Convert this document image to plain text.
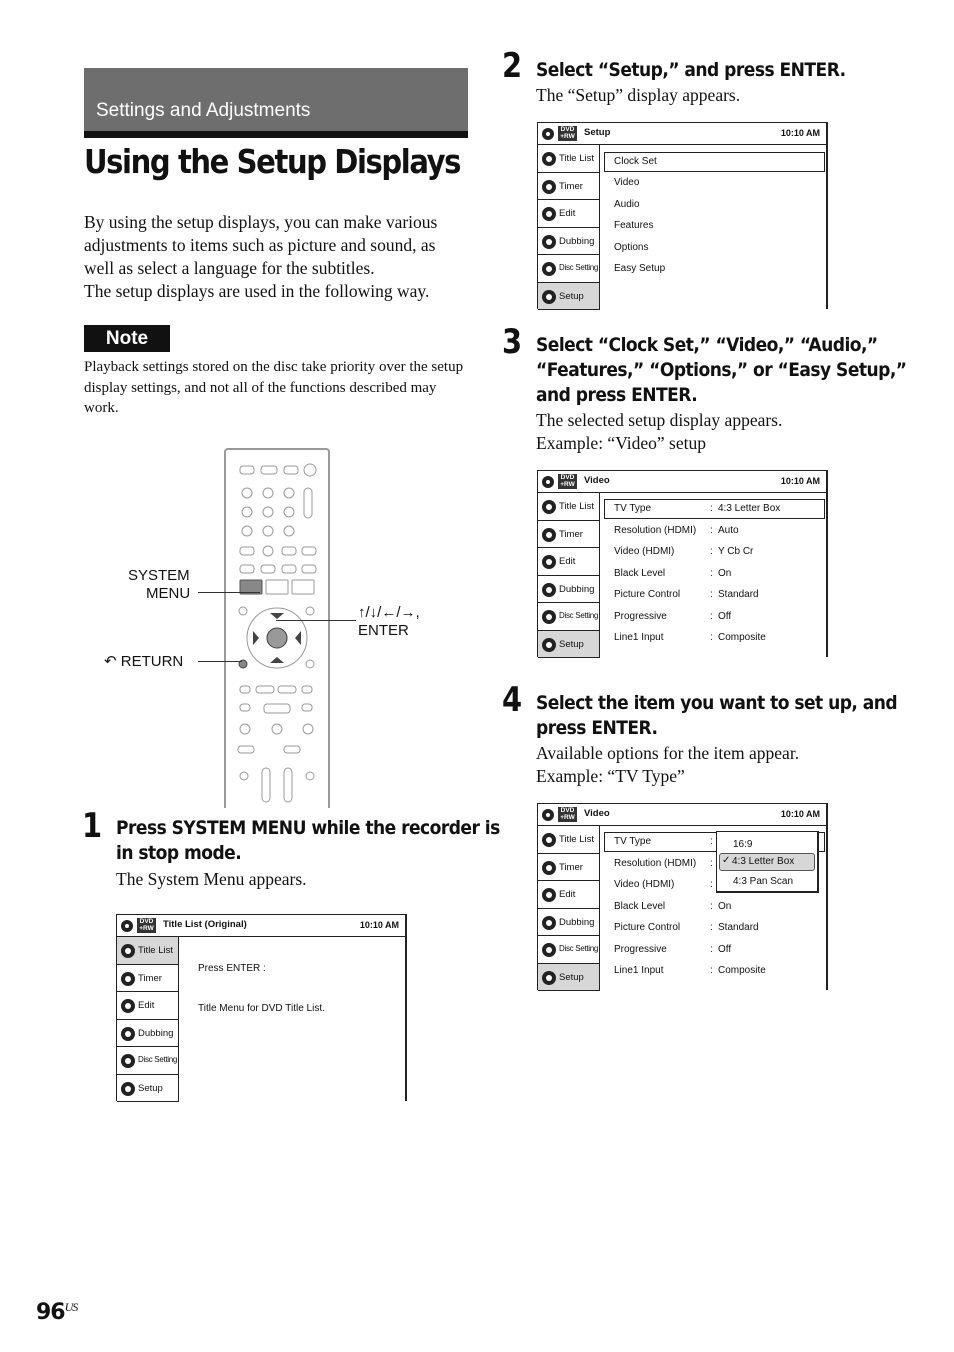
Settings and Adjustments
Using the Setup Displays
By using the setup displays, you can make various
adjustments to items such as picture and sound, as
well as select a language for the subtitles.
The setup displays are used in the following way.
Note
Playback settings stored on the disc take priority over the setup display settings, and not all of the functions described may work.
SYSTEM
MENU
↶ RETURN
↑/↓/←/→,
ENTER
1 Press SYSTEM MENU while the recorder is
in stop mode.
The System Menu appears.
DVD
+RW Title List (Original)	10:10 AM
Title List
Timer
Edit
Dubbing
Disc Setting
Setup
Press ENTER :
Title Menu for DVD Title List.
2 Select “Setup,” and press ENTER.
The “Setup” display appears.
DVD
+RW Setup	10:10 AM
Title List
Timer
Edit
Dubbing
Disc Setting
Setup
Clock Set
Video
Audio
Features
Options
Easy Setup
3 Select “Clock Set,” “Video,” “Audio,”
“Features,” “Options,” or “Easy Setup,”
and press ENTER.
The selected setup display appears.
Example: “Video” setup
DVD
+RW Video	10:10 AM
Title List
Timer
Edit
Dubbing
Disc Setting
Setup
TV Type	: 4:3 Letter Box
Resolution (HDMI) : Auto
Video (HDMI)	: Y Cb Cr
Black Level	: On
Picture Control	: Standard
Progressive	: Off
Line1 Input	: Composite
4 Select the item you want to set up, and
press ENTER.
Available options for the item appear.
Example: “TV Type”
DVD
+RW Video	10:10 AM
Title List
Timer
Edit
Dubbing
Disc Setting
Setup
TV Type	:
Resolution (HDMI) :
Video (HDMI)	:
Black Level	: On
Picture Control	: Standard
Progressive	: Off
Line1 Input	: Composite
16:9
✓ 4:3 Letter Box
4:3 Pan Scan
$96^{US}$
